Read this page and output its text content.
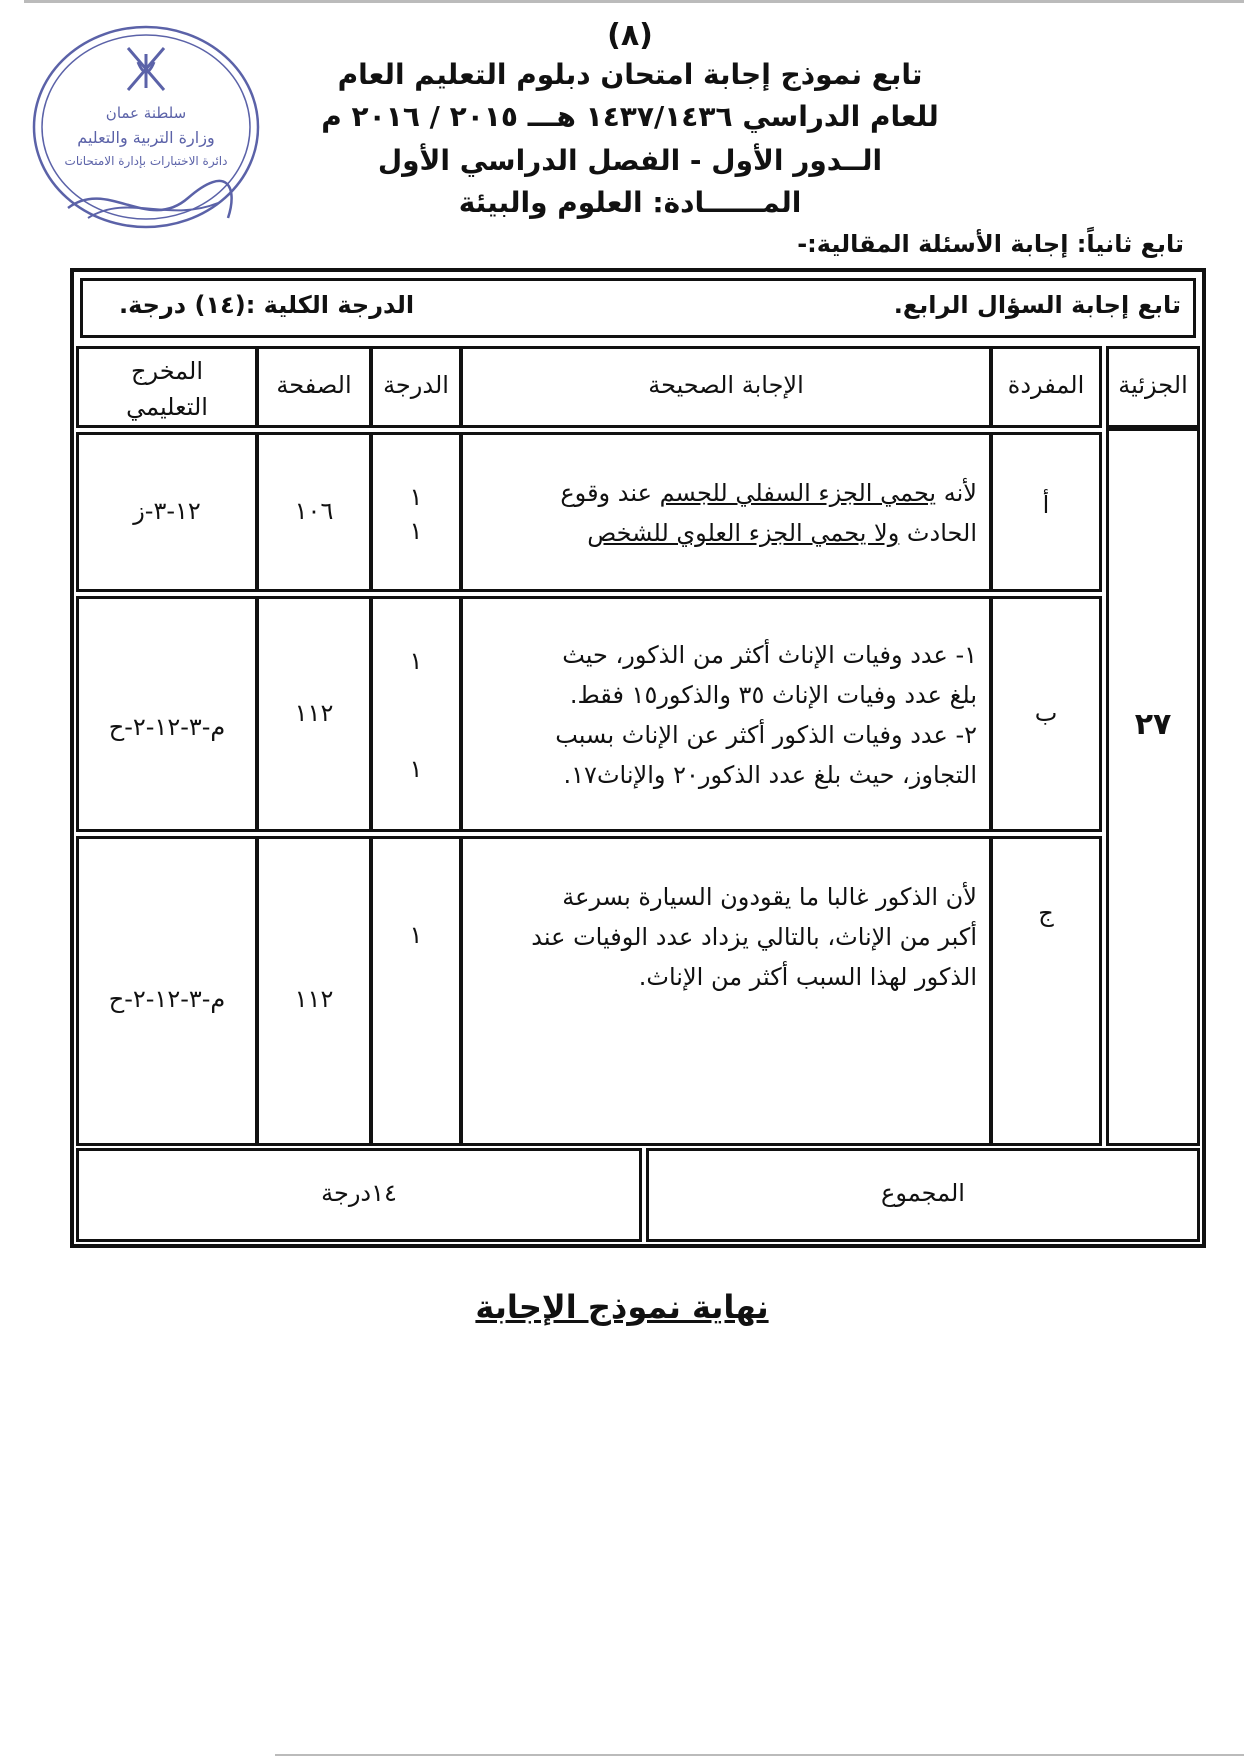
سلطنة عمان
وزارة التربية والتعليم
دائرة الاختبارات بإدارة الامتحانات
(٨)
تابع نموذج إجابة امتحان دبلوم التعليم العام
للعام الدراسي ١٤٣٧/١٤٣٦ هـــ ٢٠١٥ / ٢٠١٦ م
الــدور الأول - الفصل الدراسي الأول
المــــــادة: العلوم والبيئة
تابع ثانياً: إجابة الأسئلة المقالية:-
تابع إجابة السؤال الرابع.
الدرجة الكلية :(١٤) درجة.
الجزئية
المفردة
الإجابة الصحيحة
الدرجة
الصفحة
المخرج التعليمي
٢٧
أ
لأنه يحمي الجزء السفلي للجسم عند وقوع
الحادث ولا يحمي الجزء العلوي للشخص
١
١
١٠٦
١٢-٣-ز
ب
١- عدد وفيات الإناث أكثر من الذكور، حيث
بلغ عدد وفيات الإناث ٣٥ والذكور١٥ فقط.
٢- عدد وفيات الذكور أكثر عن الإناث بسبب
التجاوز، حيث بلغ عدد الذكور٢٠ والإناث١٧.
١
١
١١٢
م-٣-١٢-٢-ح
ج
لأن الذكور غالبا ما يقودون السيارة بسرعة
أكبر من الإناث، بالتالي يزداد عدد الوفيات عند
الذكور لهذا السبب أكثر من الإناث.
١
١١٢
م-٣-١٢-٢-ح
المجموع
١٤درجة
نهاية نموذج الإجابة
